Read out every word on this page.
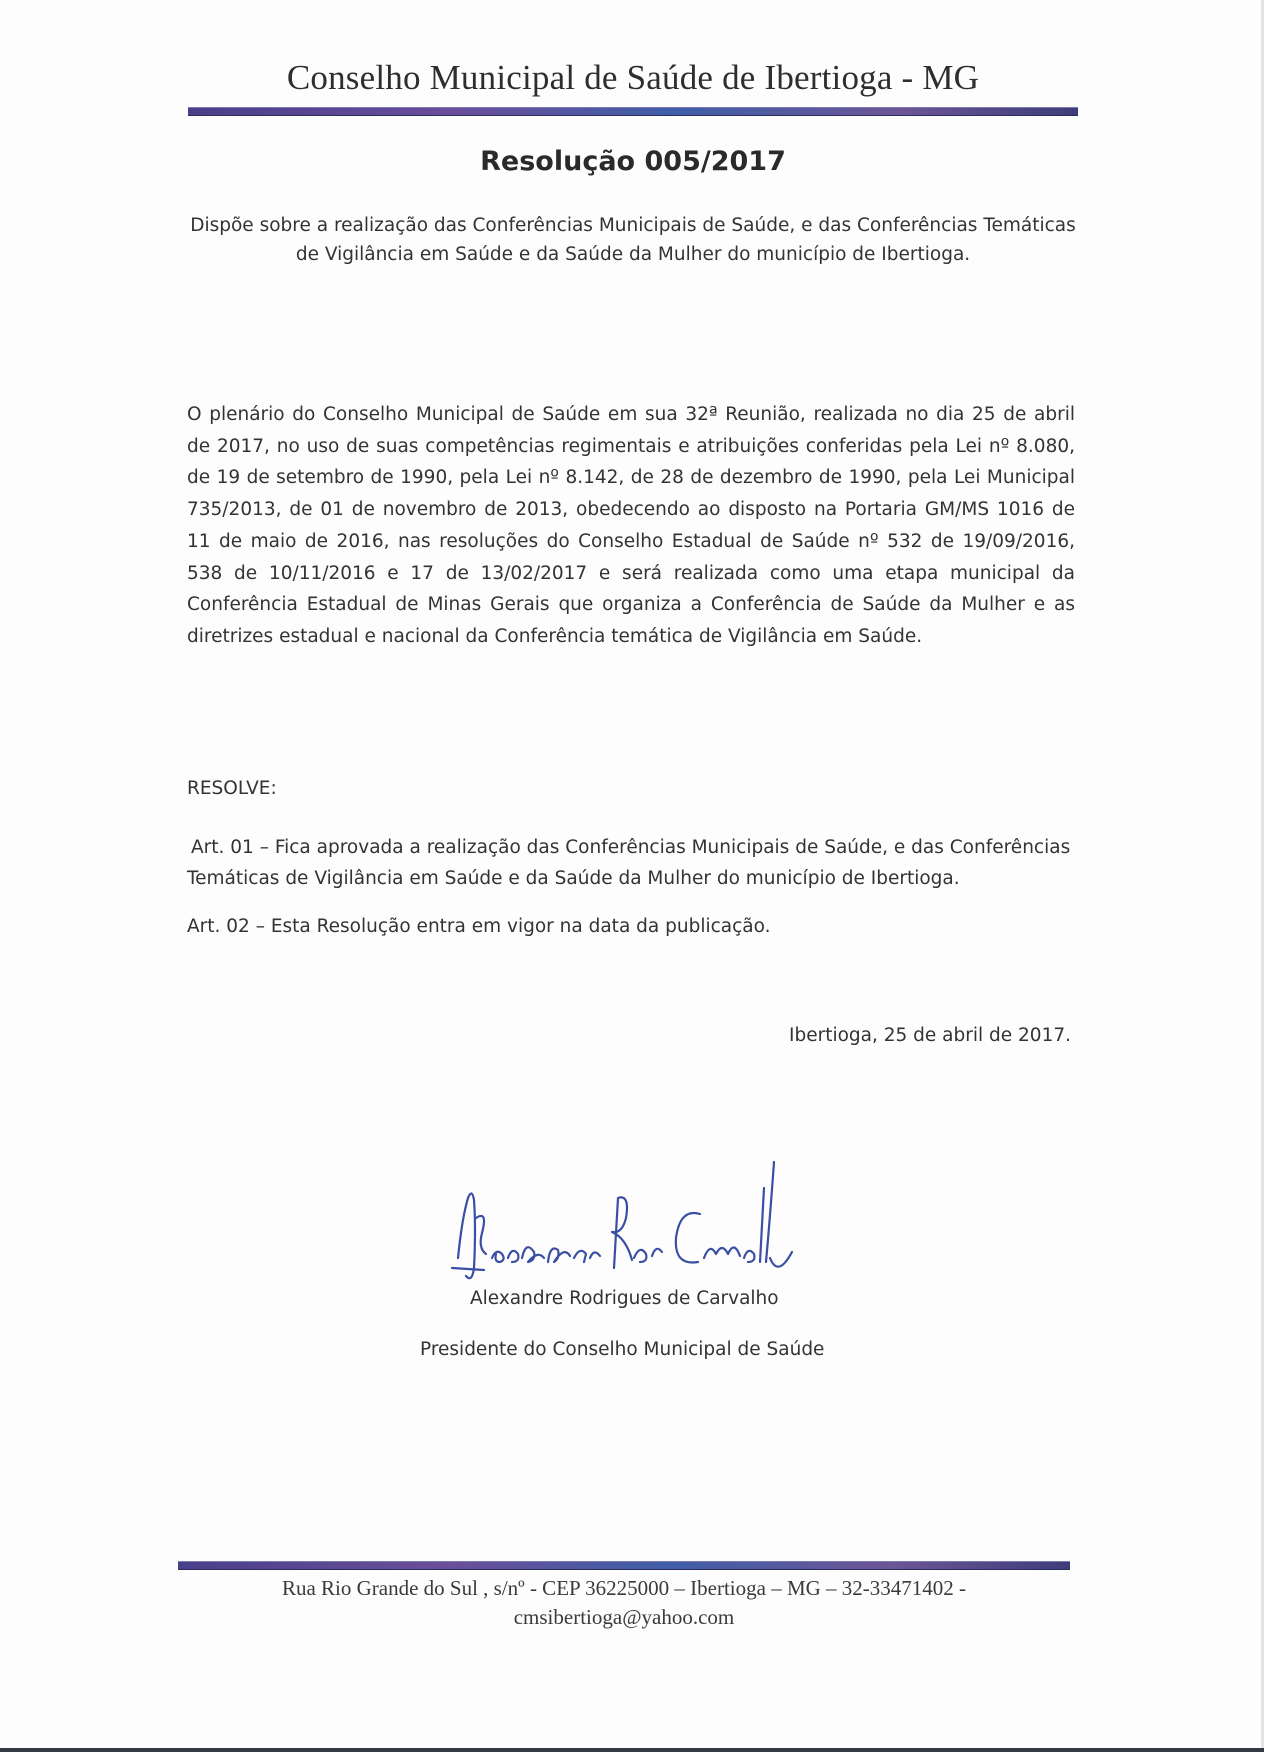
Conselho Municipal de Saúde de Ibertioga - MG
Resolução 005/2017
Dispõe sobre a realização das Conferências Municipais de Saúde, e das Conferências Temáticas
de Vigilância em Saúde e da Saúde da Mulher do município de Ibertioga.
O plenário do Conselho Municipal de Saúde em sua 32ª Reunião, realizada no dia 25 de abril de 2017, no uso de suas competências regimentais e atribuições conferidas pela Lei nº 8.080, de 19 de setembro de 1990, pela Lei nº 8.142, de 28 de dezembro de 1990, pela Lei Municipal 735/2013, de 01 de novembro de 2013, obedecendo ao disposto na Portaria GM/MS 1016 de 11 de maio de 2016, nas resoluções do Conselho Estadual de Saúde nº 532 de 19/09/2016, 538 de 10/11/2016 e 17 de 13/02/2017 e será realizada como uma etapa municipal da Conferência Estadual de Minas Gerais que organiza a Conferência de Saúde da Mulher e as diretrizes estadual e nacional da Conferência temática de Vigilância em Saúde.
RESOLVE:
Art. 01 – Fica aprovada a realização das Conferências Municipais de Saúde, e das Conferências
Temáticas de Vigilância em Saúde e da Saúde da Mulher do município de Ibertioga.
Art. 02 – Esta Resolução entra em vigor na data da publicação.
Ibertioga, 25 de abril de 2017.
Alexandre Rodrigues de Carvalho
Presidente do Conselho Municipal de Saúde
Rua Rio Grande do Sul , s/nº - CEP 36225000 – Ibertioga – MG – 32-33471402 -
cmsibertioga@yahoo.com
